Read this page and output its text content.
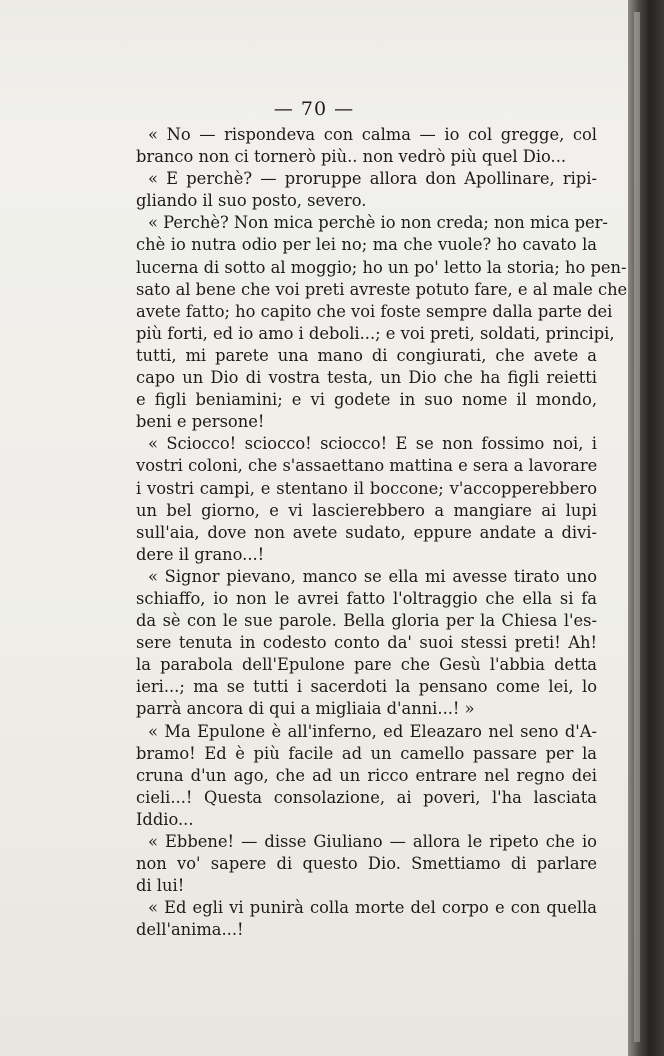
— 70 —
« No — rispondeva con calma — io col gregge, col
branco non ci tornerò più.. non vedrò più quel Dio...
« E perchè? — proruppe allora don Apollinare, ripi-
gliando il suo posto, severo.
« Perchè? Non mica perchè io non creda; non mica per-
chè io nutra odio per lei no; ma che vuole? ho cavato la
lucerna di sotto al moggio; ho un po' letto la storia; ho pen-
sato al bene che voi preti avreste potuto fare, e al male che
avete fatto; ho capito che voi foste sempre dalla parte dei
più forti, ed io amo i deboli...; e voi preti, soldati, principi,
tutti, mi parete una mano di congiurati, che avete a
capo un Dio di vostra testa, un Dio che ha figli reietti
e figli beniamini; e vi godete in suo nome il mondo,
beni e persone!
« Sciocco! sciocco! sciocco! E se non fossimo noi, i
vostri coloni, che s'assaettano mattina e sera a lavorare
i vostri campi, e stentano il boccone; v'accopperebbero
un bel giorno, e vi lascierebbero a mangiare ai lupi
sull'aia, dove non avete sudato, eppure andate a divi-
dere il grano...!
« Signor pievano, manco se ella mi avesse tirato uno
schiaffo, io non le avrei fatto l'oltraggio che ella si fa
da sè con le sue parole. Bella gloria per la Chiesa l'es-
sere tenuta in codesto conto da' suoi stessi preti! Ah!
la parabola dell'Epulone pare che Gesù l'abbia detta
ieri...; ma se tutti i sacerdoti la pensano come lei, lo
parrà ancora di qui a migliaia d'anni...! »
« Ma Epulone è all'inferno, ed Eleazaro nel seno d'A-
bramo! Ed è più facile ad un camello passare per la
cruna d'un ago, che ad un ricco entrare nel regno dei
cieli...! Questa consolazione, ai poveri, l'ha lasciata
Iddio...
« Ebbene! — disse Giuliano — allora le ripeto che io
non vo' sapere di questo Dio. Smettiamo di parlare
di lui!
« Ed egli vi punirà colla morte del corpo e con quella
dell'anima...!
